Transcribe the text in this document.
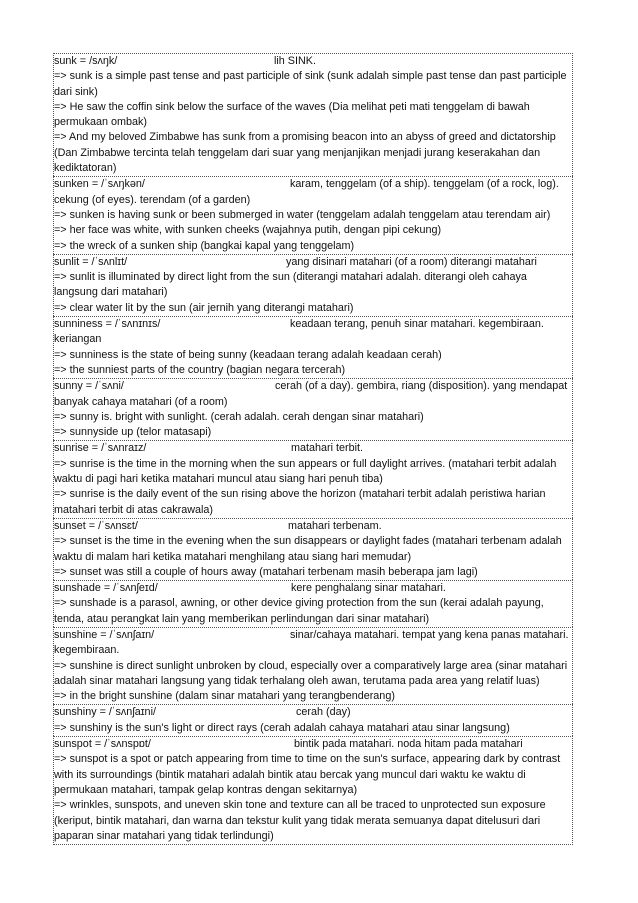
sunk = /sʌŋk/	lih SINK.
=> sunk is a simple past tense and past participle of sink (sunk adalah simple past tense dan past participle
dari sink)
=> He saw the coffin sink below the surface of the waves (Dia melihat peti mati tenggelam di bawah
permukaan ombak)
=> And my beloved Zimbabwe has sunk from a promising beacon into an abyss of greed and dictatorship
(Dan Zimbabwe tercinta telah tenggelam dari suar yang menjanjikan menjadi jurang keserakahan dan
kediktatoran)
sunken = /ˈsʌŋkən/	karam, tenggelam (of a ship). tenggelam (of a rock, log).
cekung (of eyes). terendam (of a garden)
=> sunken is having sunk or been submerged in water (tenggelam adalah tenggelam atau terendam air)
=> her face was white, with sunken cheeks (wajahnya putih, dengan pipi cekung)
=> the wreck of a sunken ship (bangkai kapal yang tenggelam)
sunlit = /ˈsʌnlɪt/	yang disinari matahari (of a room) diterangi matahari
=> sunlit is illuminated by direct light from the sun (diterangi matahari adalah. diterangi oleh cahaya
langsung dari matahari)
=> clear water lit by the sun (air jernih yang diterangi matahari)
sunniness = /ˈsʌnɪnɪs/	keadaan terang, penuh sinar matahari. kegembiraan.
keriangan
=> sunniness is the state of being sunny (keadaan terang adalah keadaan cerah)
=> the sunniest parts of the country (bagian negara tercerah)
sunny = /ˈsʌni/	cerah (of a day). gembira, riang (disposition). yang mendapat
banyak cahaya matahari (of a room)
=> sunny is. bright with sunlight. (cerah adalah. cerah dengan sinar matahari)
=> sunnyside up (telor matasapi)
sunrise = /ˈsʌnraɪz/	matahari terbit.
=> sunrise is the time in the morning when the sun appears or full daylight arrives. (matahari terbit adalah
waktu di pagi hari ketika matahari muncul atau siang hari penuh tiba)
=> sunrise is the daily event of the sun rising above the horizon (matahari terbit adalah peristiwa harian
matahari terbit di atas cakrawala)
sunset = /ˈsʌnsɛt/	matahari terbenam.
=> sunset is the time in the evening when the sun disappears or daylight fades (matahari terbenam adalah
waktu di malam hari ketika matahari menghilang atau siang hari memudar)
=> sunset was still a couple of hours away (matahari terbenam masih beberapa jam lagi)
sunshade = /ˈsʌnʃeɪd/	kere penghalang sinar matahari.
=> sunshade is a parasol, awning, or other device giving protection from the sun (kerai adalah payung,
tenda, atau perangkat lain yang memberikan perlindungan dari sinar matahari)
sunshine = /ˈsʌnʃaɪn/	sinar/cahaya matahari. tempat yang kena panas matahari.
kegembiraan.
=> sunshine is direct sunlight unbroken by cloud, especially over a comparatively large area (sinar matahari
adalah sinar matahari langsung yang tidak terhalang oleh awan, terutama pada area yang relatif luas)
=> in the bright sunshine (dalam sinar matahari yang terangbenderang)
sunshiny = /ˈsʌnʃaɪni/	cerah (day)
=> sunshiny is the sun's light or direct rays (cerah adalah cahaya matahari atau sinar langsung)
sunspot = /ˈsʌnspɒt/	bintik pada matahari. noda hitam pada matahari
=> sunspot is a spot or patch appearing from time to time on the sun's surface, appearing dark by contrast
with its surroundings (bintik matahari adalah bintik atau bercak yang muncul dari waktu ke waktu di
permukaan matahari, tampak gelap kontras dengan sekitarnya)
=> wrinkles, sunspots, and uneven skin tone and texture can all be traced to unprotected sun exposure
(keriput, bintik matahari, dan warna dan tekstur kulit yang tidak merata semuanya dapat ditelusuri dari
paparan sinar matahari yang tidak terlindungi)
